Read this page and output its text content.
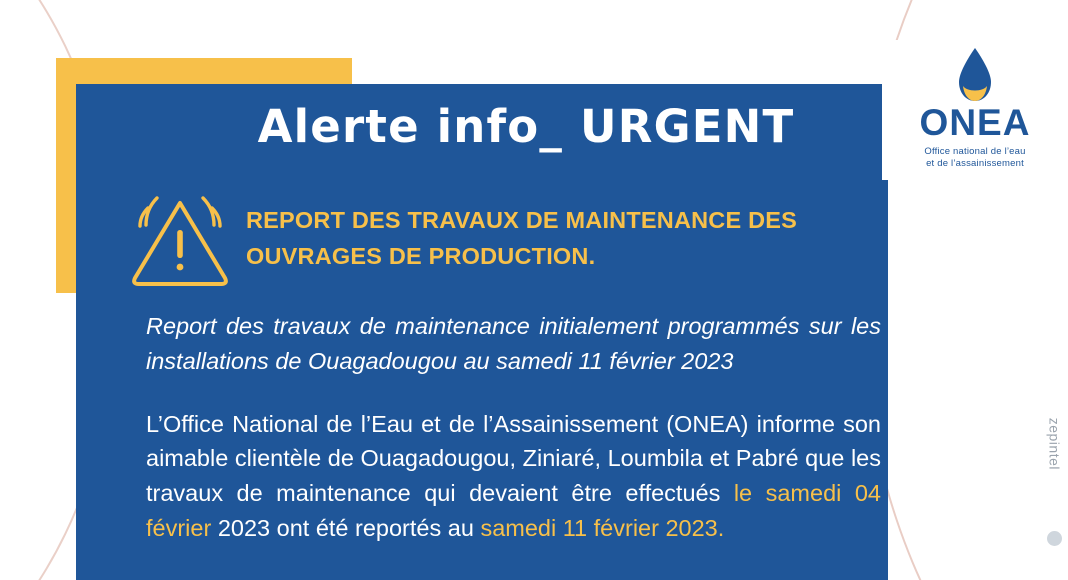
Alerte info_ URGENT
REPORT DES TRAVAUX DE MAINTENANCE DES OUVRAGES DE PRODUCTION.
Report des travaux de maintenance initialement programmés sur les installations de Ouagadougou au samedi 11 février 2023
L’Office National de l’Eau et de l’Assainissement (ONEA) informe son aimable clientèle de Ouagadougou, Ziniaré, Loumbila et Pabré que les travaux de maintenance qui devaient être effectués le samedi 04 février 2023 ont été reportés au samedi 11 février 2023.
ONEA
Office national de l’eau
et de l’assainissement
zepintel
